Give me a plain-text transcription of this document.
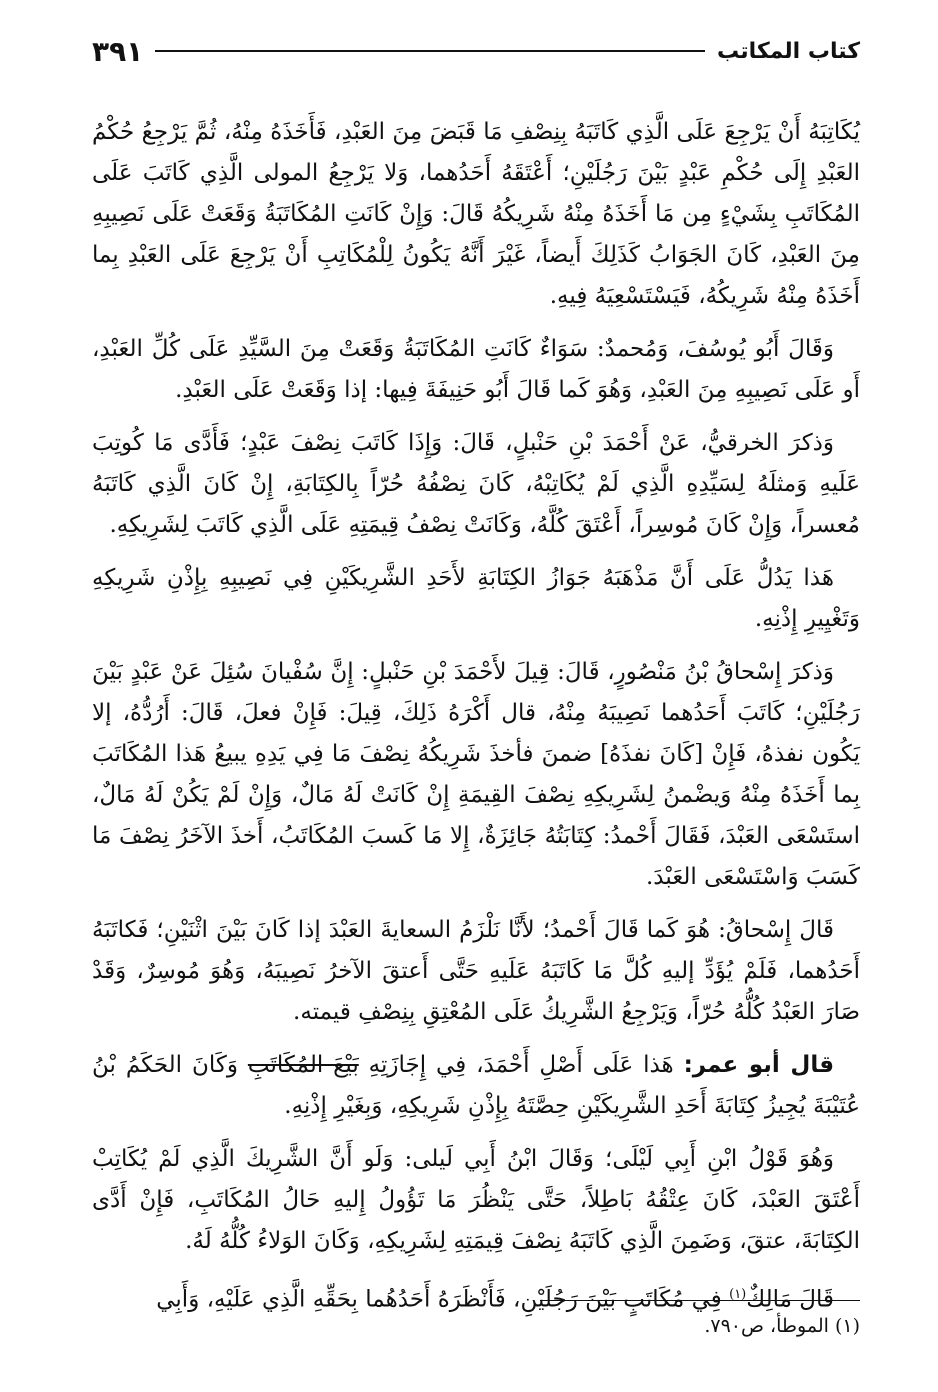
كتاب المكاتب
٣٩١

يُكَاتِبَهُ أَنْ يَرْجِعَ عَلَى الَّذِي كَاتَبَهُ بِنِصْفِ مَا قَبَضَ مِنَ العَبْدِ، فَأَخَذَهُ مِنْهُ، ثُمَّ يَرْجِعُ حُكْمُ العَبْدِ إِلَى حُكْمِ عَبْدٍ بَيْنَ رَجُلَيْنِ؛ أَعْتَقَهُ أَحَدُهما، وَلا يَرْجِعُ المولى الَّذِي كَاتَبَ عَلَى المُكَاتَبِ بِشَيْءٍ مِن مَا أَخَذَهُ مِنْهُ شَرِيكُهُ قَالَ: وَإِنْ كَانَتِ المُكَاتَبَةُ وَقَعَتْ عَلَى نَصِيبِهِ مِنَ العَبْدِ، كَانَ الجَوَابُ كَذَلِكَ أَيضاً، غَيْرَ أَنَّهُ يَكُونُ لِلْمُكَاتِبِ أَنْ يَرْجِعَ عَلَى العَبْدِ بِما أَخَذَهُ مِنْهُ شَرِيكُهُ، فَيَسْتَسْعِيَهُ فِيهِ.

وَقَالَ أَبُو يُوسُفَ، وَمُحمدٌ: سَوَاءٌ كَانَتِ المُكَاتَبَةُ وَقَعَتْ مِنَ السَّيِّدِ عَلَى كُلِّ العَبْدِ، أَو عَلَى نَصِيبِهِ مِنَ العَبْدِ، وَهُوَ كَما قَالَ أَبُو حَنِيفَةَ فِيها: إذا وَقَعَتْ عَلَى العَبْدِ.

وَذكرَ الخرقيُّ، عَنْ أَحْمَدَ بْنِ حَنْبلٍ، قَالَ: وَإِذَا كَاتَبَ نِصْفَ عَبْدٍ؛ فَأَدَّى مَا كُوتِبَ عَلَيهِ وَمثلَهُ لِسَيِّدِهِ الَّذِي لَمْ يُكَاتِبْهُ، كَانَ نِصْفُهُ حُرّاً بِالكِتَابَةِ، إِنْ كَانَ الَّذِي كَاتَبَهُ مُعسراً، وَإِنْ كَانَ مُوسِراً، أَعْتَقَ كُلَّهُ، وَكَانَتْ نِصْفُ قِيمَتِهِ عَلَى الَّذِي كَاتَبَ لِشَرِيكِهِ.

هَذا يَدُلُّ عَلَى أَنَّ مَذْهَبَهُ جَوَازُ الكِتَابَةِ لأَحَدِ الشَّرِيكَيْنِ فِي نَصِيبِهِ بِإِذْنِ شَرِيكِهِ وَتَغْيِيرِ إِذْنِهِ.

وَذكرَ إِسْحاقُ بْنُ مَنْصُورٍ، قَالَ: قِيلَ لأَحْمَدَ بْنِ حَنْبلٍ: إِنَّ سُفْيانَ سُئِلَ عَنْ عَبْدٍ بَيْنَ رَجُلَيْنِ؛ كَاتَبَ أَحَدُهما نَصِيبَهُ مِنْهُ، قال أَكْرَهُ ذَلِكَ، قِيلَ: فَإِنْ فعلَ، قَالَ: أَرُدُّهُ، إلا يَكُون نفذهُ، فَإِنْ [كَانَ نفذَهُ] ضمنَ فأخذَ شَرِيكُهُ نِصْفَ مَا فِي يَدِهِ يبيعُ هَذا المُكَاتَبَ بِما أَخَذَهُ مِنْهُ وَيضْمنُ لِشَرِيكِهِ نِصْفَ القِيمَةِ إِنْ كَانَتْ لَهُ مَالٌ، وَإِنْ لَمْ يَكُنْ لَهُ مَالٌ، استَسْعَى العَبْدَ، فَقَالَ أَحْمدُ: كِتَابَتُهُ جَائِزَةٌ، إِلا مَا كَسبَ المُكَاتَبُ، أَخذَ الآخَرُ نِصْفَ مَا كَسَبَ وَاسْتَسْعَى العَبْدَ.

قَالَ إِسْحاقُ: هُوَ كَما قَالَ أَحْمدُ؛ لأَنَّا نَلْزَمُ السعايةَ العَبْدَ إذا كَانَ بَيْنَ اثْنَيْنِ؛ فَكاتَبَهُ أَحَدُهما، فَلَمْ يُؤَدِّ إليهِ كُلَّ مَا كَاتَبَهُ عَلَيهِ حَتَّى أَعتقَ الآخرُ نَصِيبَهُ، وَهُوَ مُوسِرٌ، وَقَدْ صَارَ العَبْدُ كُلُّهُ حُرّاً، وَيَرْجِعُ الشَّرِيكُ عَلَى المُعْتِقِ بِنِصْفِ قيمته.

قال أبو عمر: هَذا عَلَى أَصْلِ أَحْمَدَ، فِي إِجَازَتِهِ بَيْعَ المُكَاتَبِ وَكَانَ الحَكَمُ بْنُ عُتَيْبَةَ يُجِيزُ كِتَابَةَ أَحَدِ الشَّرِيكَيْنِ حِصَّتَهُ بِإِذْنِ شَرِيكِهِ، وَبِغَيْرِ إِذْنِهِ.

وَهُوَ قَوْلُ ابْنِ أَبِي لَيْلَى؛ وَقَالَ ابْنُ أَبِي لَيلى: وَلَو أَنَّ الشَّرِيكَ الَّذِي لَمْ يُكَاتِبْ أَعْتَقَ العَبْدَ، كَانَ عِتْقُهُ بَاطِلاً، حَتَّى يَنْظُرَ مَا تَؤُولُ إِليهِ حَالُ المُكَاتَبِ، فَإِنْ أَدَّى الكِتَابَةَ، عتقَ، وَضَمِنَ الَّذِي كَاتَبَهُ نِصْفَ قِيمَتِهِ لِشَرِيكِهِ، وَكَانَ الوَلاءُ كُلُّهُ لَهُ.

قَالَ مَالِكٌ$^{(١)}$ فِي مُكَاتَبٍ بَيْنَ رَجُلَيْنِ، فَأَنْظَرَهُ أَحَدُهُما بِحَقِّهِ الَّذِي عَلَيْهِ، وَأَبِي

(١) الموطأ، ص٧٩٠.
